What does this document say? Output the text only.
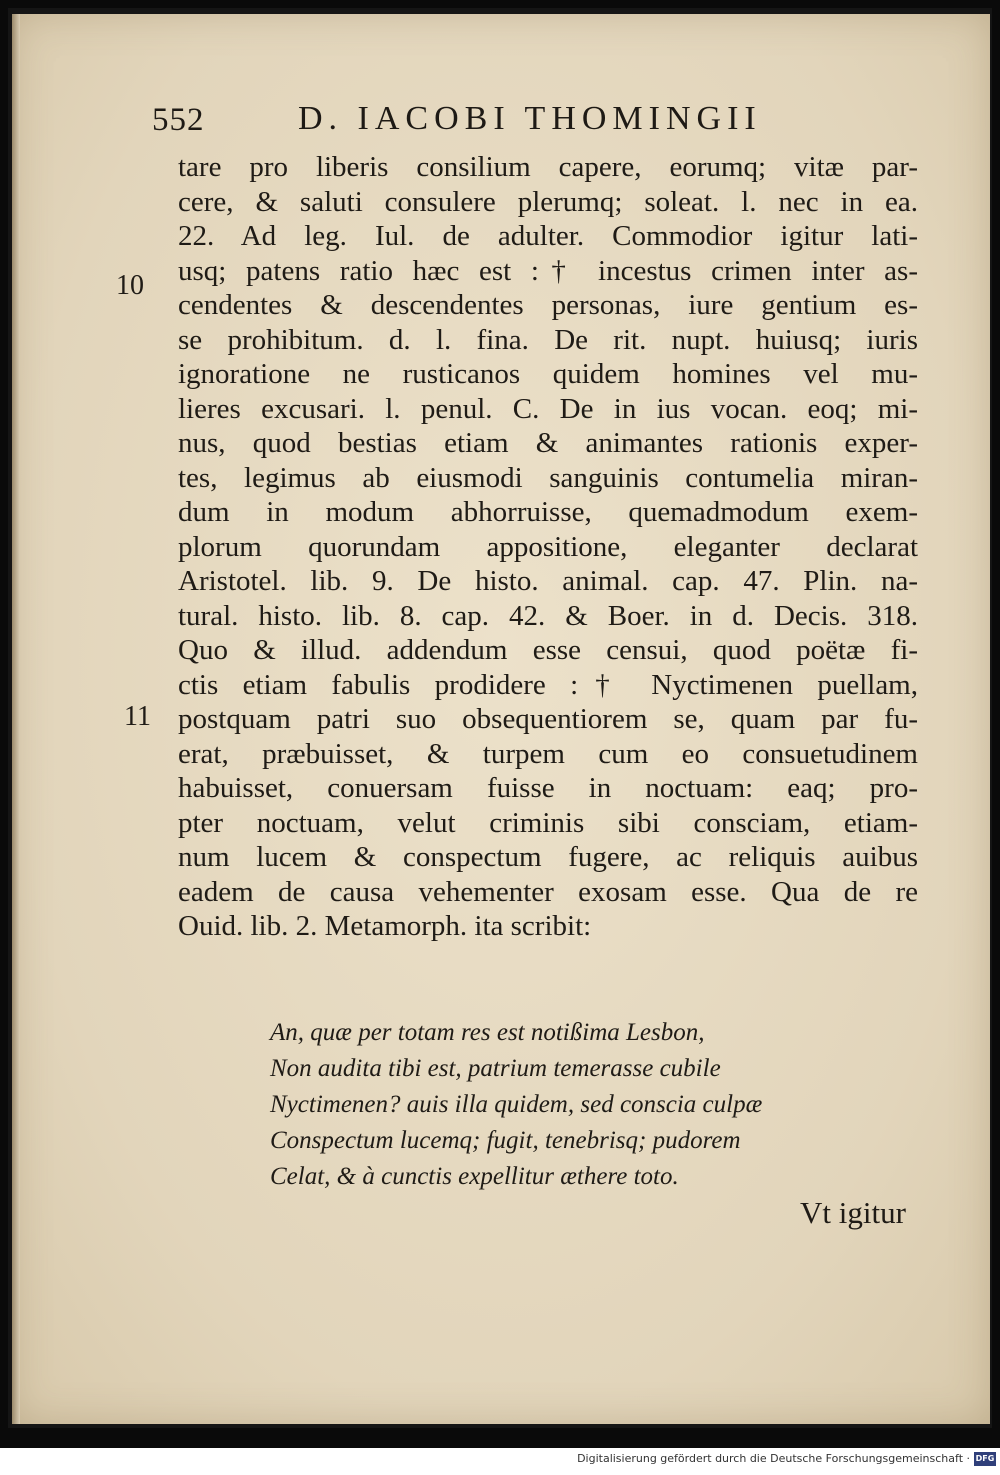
552	D. IACOBI THOMINGII
tare pro liberis consilium capere, eorumq; vitæ par-
cere, & saluti consulere plerumq; soleat. l. nec in ea.
22. Ad leg. Iul. de adulter. Commodior igitur lati-
usq; patens ratio hæc est :† incestus crimen inter as-
cendentes & descendentes personas, iure gentium es-
se prohibitum. d. l. fina. De rit. nupt. huiusq; iuris
ignoratione ne rusticanos quidem homines vel mu-
lieres excusari. l. penul. C. De in ius vocan. eoq; mi-
nus, quod bestias etiam & animantes rationis exper-
tes, legimus ab eiusmodi sanguinis contumelia miran-
dum in modum abhorruisse, quemadmodum exem-
plorum quorundam appositione, eleganter declarat
Aristotel. lib. 9. De histo. animal. cap. 47. Plin. na-
tural. histo. lib. 8. cap. 42. & Boer. in d. Decis. 318.
Quo & illud. addendum esse censui, quod poëtæ fi-
ctis etiam fabulis prodidere :† Nyctimenen puellam,
postquam patri suo obsequentiorem se, quam par fu-
erat, præbuisset, & turpem cum eo consuetudinem
habuisset, conuersam fuisse in noctuam: eaq; pro-
pter noctuam, velut criminis sibi consciam, etiam-
num lucem & conspectum fugere, ac reliquis auibus
eadem de causa vehementer exosam esse. Qua de re
Ouid. lib. 2. Metamorph. ita scribit:
10
11
An, quæ per totam res est notißima Lesbon,
Non audita tibi est, patrium temerasse cubile
Nyctimenen? auis illa quidem, sed conscia culpæ
Conspectum lucemq; fugit, tenebrisq; pudorem
Celat, & à cunctis expellitur æthere toto.
Vt igitur
Digitalisierung gefördert durch die Deutsche Forschungsgemeinschaft · DFG
